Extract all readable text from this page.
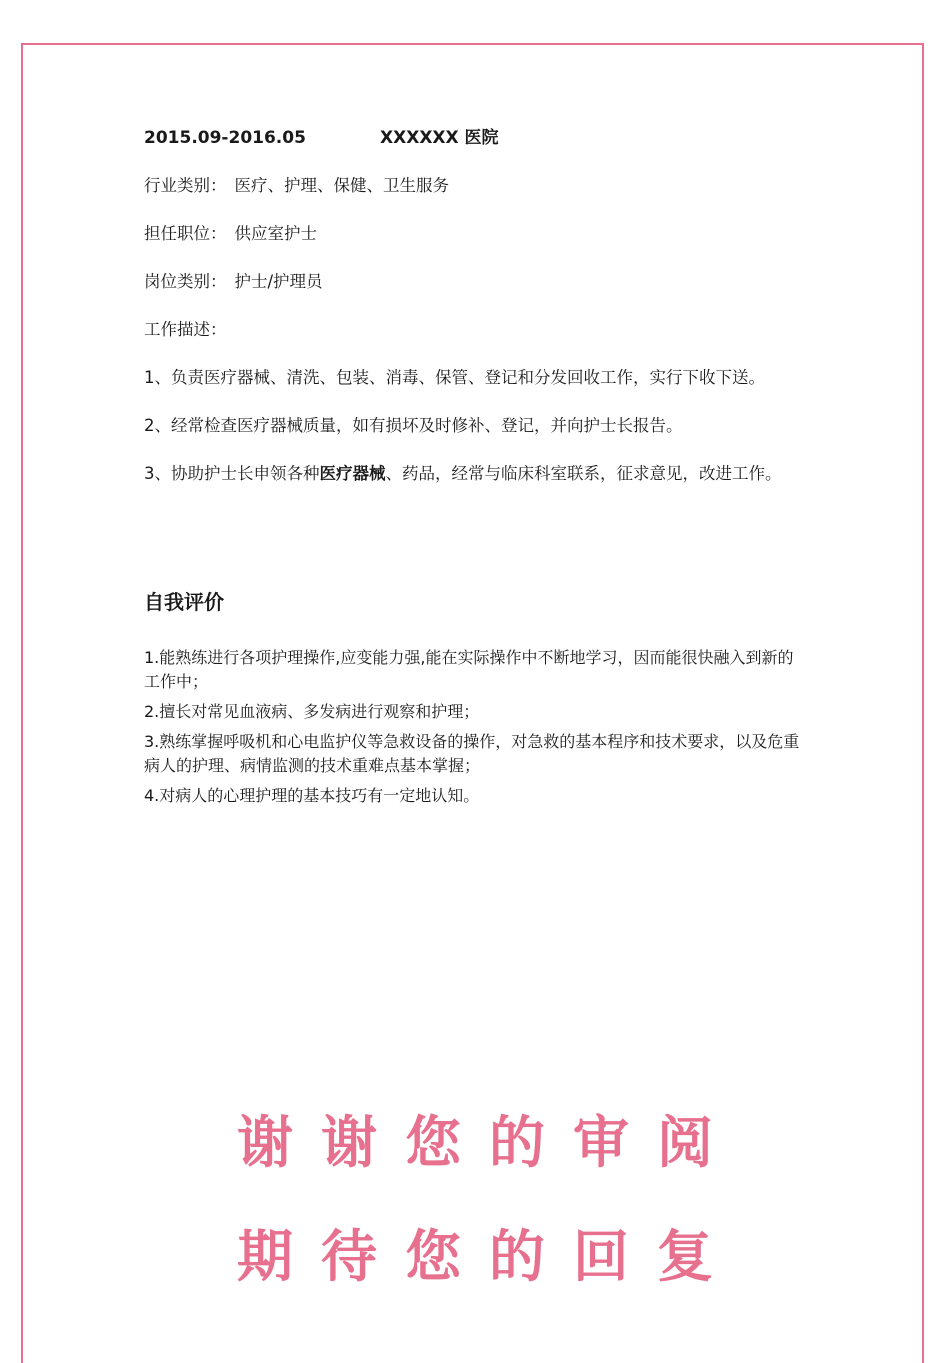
2015.09-2016.05	XXXXXX 医院
行业类别： 医疗、护理、保健、卫生服务
担任职位： 供应室护士
岗位类别： 护士/护理员
工作描述：
1、负责医疗器械、清洗、包装、消毒、保管、登记和分发回收工作，实行下收下送。
2、经常检查医疗器械质量，如有损坏及时修补、登记，并向护士长报告。
3、协助护士长申领各种医疗器械、药品，经常与临床科室联系，征求意见，改进工作。
自我评价
1.能熟练进行各项护理操作,应变能力强,能在实际操作中不断地学习，因而能很快融入到新的工作中；
2.擅长对常见血液病、多发病进行观察和护理；
3.熟练掌握呼吸机和心电监护仪等急救设备的操作，对急救的基本程序和技术要求，以及危重病人的护理、病情监测的技术重难点基本掌握；
4.对病人的心理护理的基本技巧有一定地认知。
谢谢您的审阅
期待您的回复
